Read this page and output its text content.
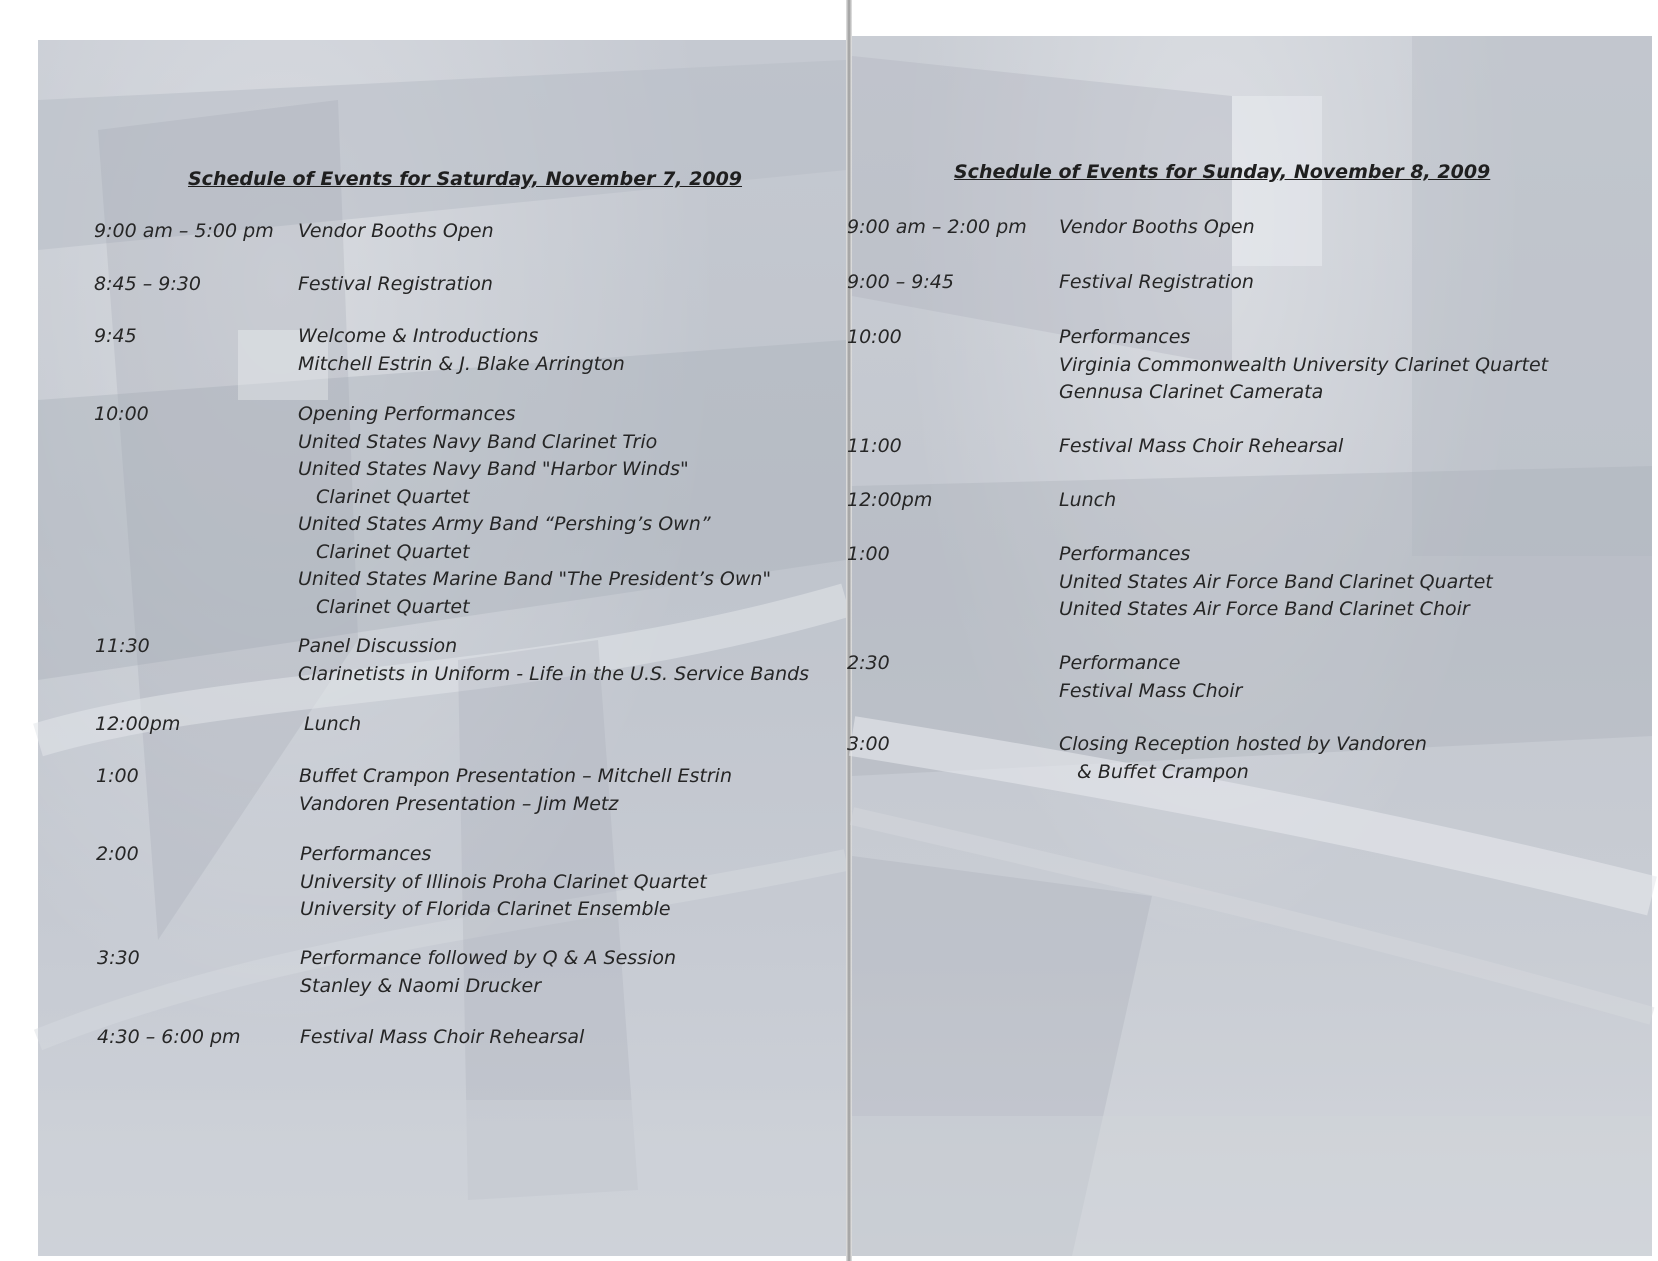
Schedule of Events for Saturday, November 7, 2009
9:00 am – 5:00 pm Vendor Booths Open
8:45 – 9:30	Festival Registration
9:45	Welcome & Introductions
Mitchell Estrin & J. Blake Arrington
10:00	Opening Performances
United States Navy Band Clarinet Trio
United States Navy Band "Harbor Winds"
Clarinet Quartet
United States Army Band “Pershing’s Own”
Clarinet Quartet
United States Marine Band "The President’s Own"
Clarinet Quartet
11:30	Panel Discussion
Clarinetists in Uniform - Life in the U.S. Service Bands
12:00pm	Lunch
1:00	Buffet Crampon Presentation – Mitchell Estrin
Vandoren Presentation – Jim Metz
2:00	Performances
University of Illinois Proha Clarinet Quartet
University of Florida Clarinet Ensemble
3:30	Performance followed by Q & A Session
Stanley & Naomi Drucker
4:30 – 6:00 pm	Festival Mass Choir Rehearsal
Schedule of Events for Sunday, November 8, 2009
9:00 am – 2:00 pm Vendor Booths Open
9:00 – 9:45	Festival Registration
10:00	Performances
Virginia Commonwealth University Clarinet Quartet
Gennusa Clarinet Camerata
11:00	Festival Mass Choir Rehearsal
12:00pm	Lunch
1:00	Performances
United States Air Force Band Clarinet Quartet
United States Air Force Band Clarinet Choir
2:30	Performance
Festival Mass Choir
3:00	Closing Reception hosted by Vandoren
& Buffet Crampon
